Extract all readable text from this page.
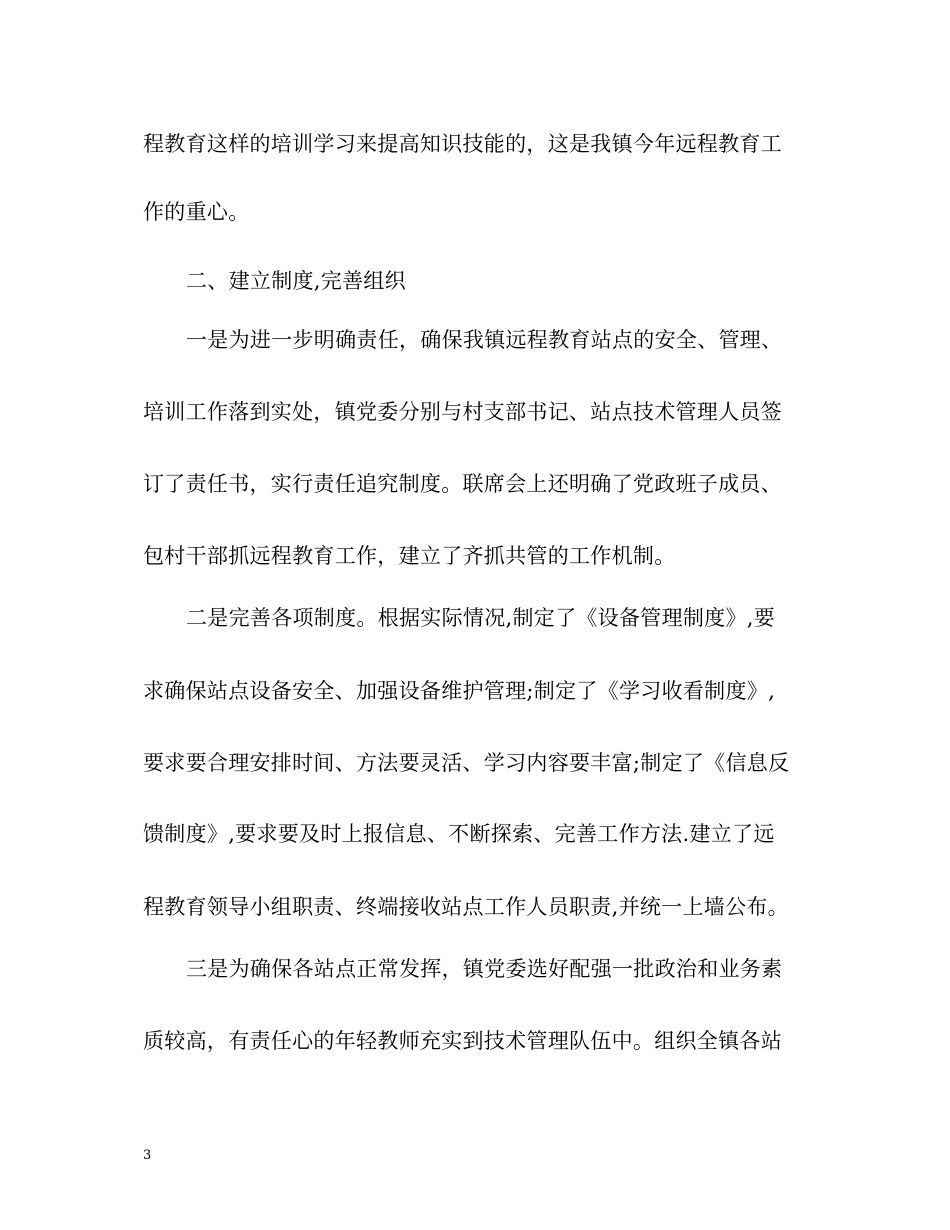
程教育这样的培训学习来提高知识技能的，这是我镇今年远程教育工
作的重心。
二、建立制度,完善组织
一是为进一步明确责任，确保我镇远程教育站点的安全、管理、
培训工作落到实处，镇党委分别与村支部书记、站点技术管理人员签
订了责任书，实行责任追究制度。联席会上还明确了党政班子成员、
包村干部抓远程教育工作，建立了齐抓共管的工作机制。
二是完善各项制度。根据实际情况,制定了《设备管理制度》,要
求确保站点设备安全、加强设备维护管理;制定了《学习收看制度》,
要求要合理安排时间、方法要灵活、学习内容要丰富;制定了《信息反
馈制度》,要求要及时上报信息、不断探索、完善工作方法.建立了远
程教育领导小组职责、终端接收站点工作人员职责,并统一上墙公布。
三是为确保各站点正常发挥，镇党委选好配强一批政治和业务素
质较高，有责任心的年轻教师充实到技术管理队伍中。组织全镇各站
3
